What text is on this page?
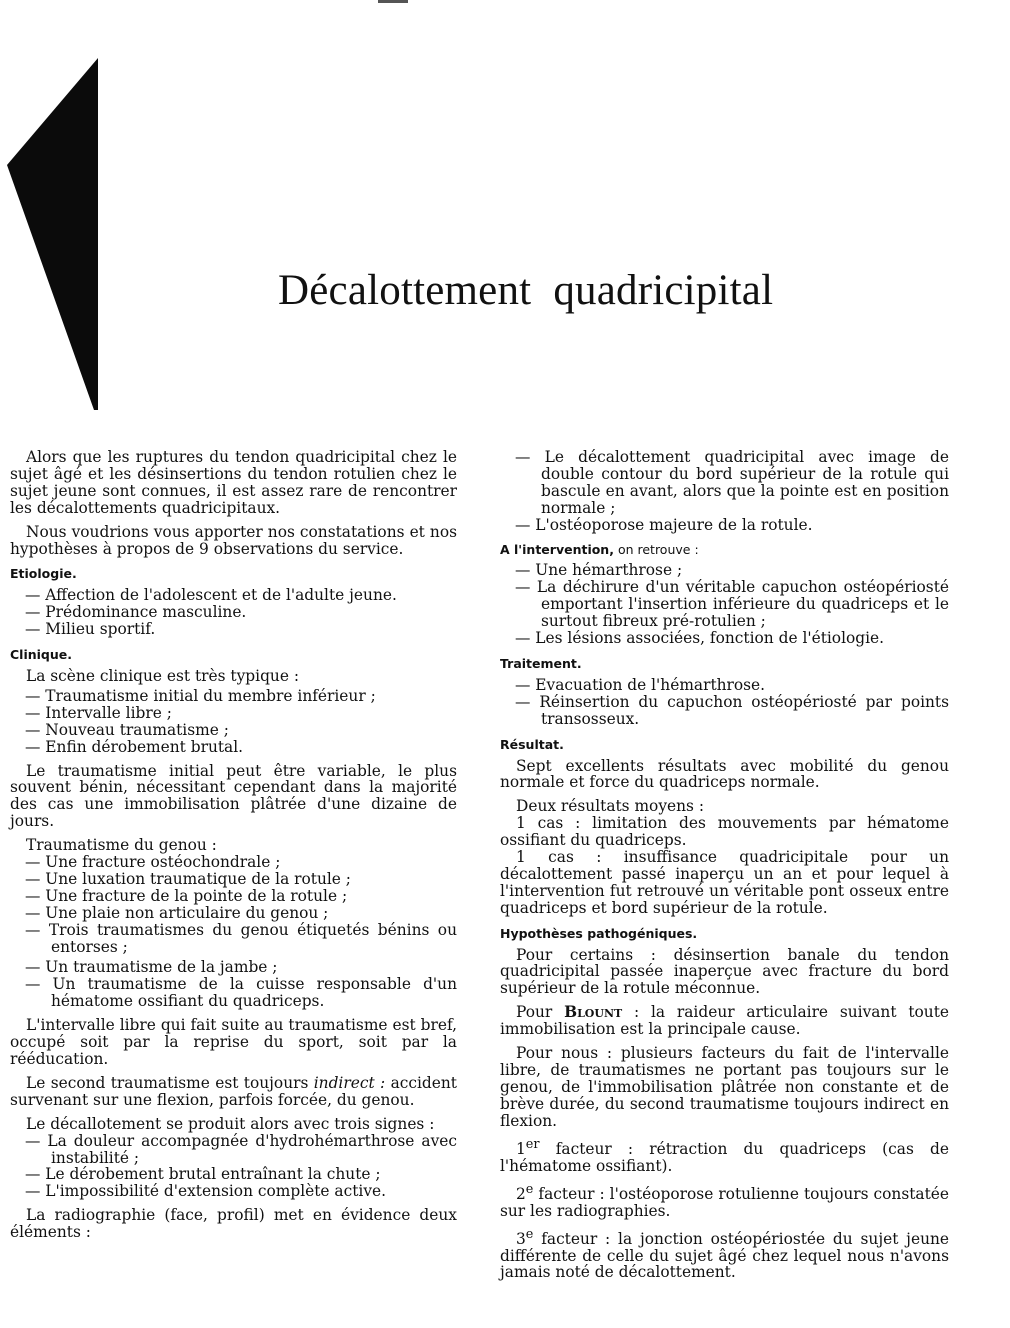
Décalottement quadricipital

Alors que les ruptures du tendon quadricipital chez le sujet âgé et les désinsertions du tendon rotulien chez le sujet jeune sont connues, il est assez rare de rencontrer les décalottements quadricipitaux.

Nous voudrions vous apporter nos constatations et nos hypothèses à propos de 9 observations du service.

Etiologie.
— Affection de l'adolescent et de l'adulte jeune.
— Prédominance masculine.
— Milieu sportif.
Clinique.

La scène clinique est très typique :

— Traumatisme initial du membre inférieur ;
— Intervalle libre ;
— Nouveau traumatisme ;
— Enfin dérobement brutal.

Le traumatisme initial peut être variable, le plus souvent bénin, nécessitant cependant dans la majorité des cas une immobilisation plâtrée d'une dizaine de jours.

Traumatisme du genou :

— Une fracture ostéochondrale ;
— Une luxation traumatique de la rotule ;
— Une fracture de la pointe de la rotule ;
— Une plaie non articulaire du genou ;
— Trois traumatismes du genou étiquetés bénins ou entorses ;
— Un traumatisme de la jambe ;
— Un traumatisme de la cuisse responsable d'un hématome ossifiant du quadriceps.

L'intervalle libre qui fait suite au traumatisme est bref, occupé soit par la reprise du sport, soit par la rééducation.

Le second traumatisme est toujours indirect : accident survenant sur une flexion, parfois forcée, du genou.

Le décallotement se produit alors avec trois signes :

— La douleur accompagnée d'hydrohémarthrose avec instabilité ;
— Le dérobement brutal entraînant la chute ;
— L'impossibilité d'extension complète active.

La radiographie (face, profil) met en évidence deux éléments :

— Le décalottement quadricipital avec image de double contour du bord supérieur de la rotule qui bascule en avant, alors que la pointe est en position normale ;
— L'ostéoporose majeure de la rotule.
A l'intervention, on retrouve :
— Une hémarthrose ;
— La déchirure d'un véritable capuchon ostéopériosté emportant l'insertion inférieure du quadriceps et le surtout fibreux pré-rotulien ;
— Les lésions associées, fonction de l'étiologie.
Traitement.
— Evacuation de l'hémarthrose.
— Réinsertion du capuchon ostéopériosté par points transosseux.
Résultat.

Sept excellents résultats avec mobilité du genou normale et force du quadriceps normale.

Deux résultats moyens :

1 cas : limitation des mouvements par hématome ossifiant du quadriceps.

1 cas : insuffisance quadricipitale pour un décalottement passé inaperçu un an et pour lequel à l'intervention fut retrouvé un véritable pont osseux entre quadriceps et bord supérieur de la rotule.

Hypothèses pathogéniques.

Pour certains : désinsertion banale du tendon quadricipital passée inaperçue avec fracture du bord supérieur de la rotule méconnue.

Pour Blount : la raideur articulaire suivant toute immobilisation est la principale cause.

Pour nous : plusieurs facteurs du fait de l'intervalle libre, de traumatismes ne portant pas toujours sur le genou, de l'immobilisation plâtrée non constante et de brève durée, du second traumatisme toujours indirect en flexion.

1er facteur : rétraction du quadriceps (cas de l'hématome ossifiant).

2e facteur : l'ostéoporose rotulienne toujours constatée sur les radiographies.

3e facteur : la jonction ostéopériostée du sujet jeune différente de celle du sujet âgé chez lequel nous n'avons jamais noté de décalottement.
